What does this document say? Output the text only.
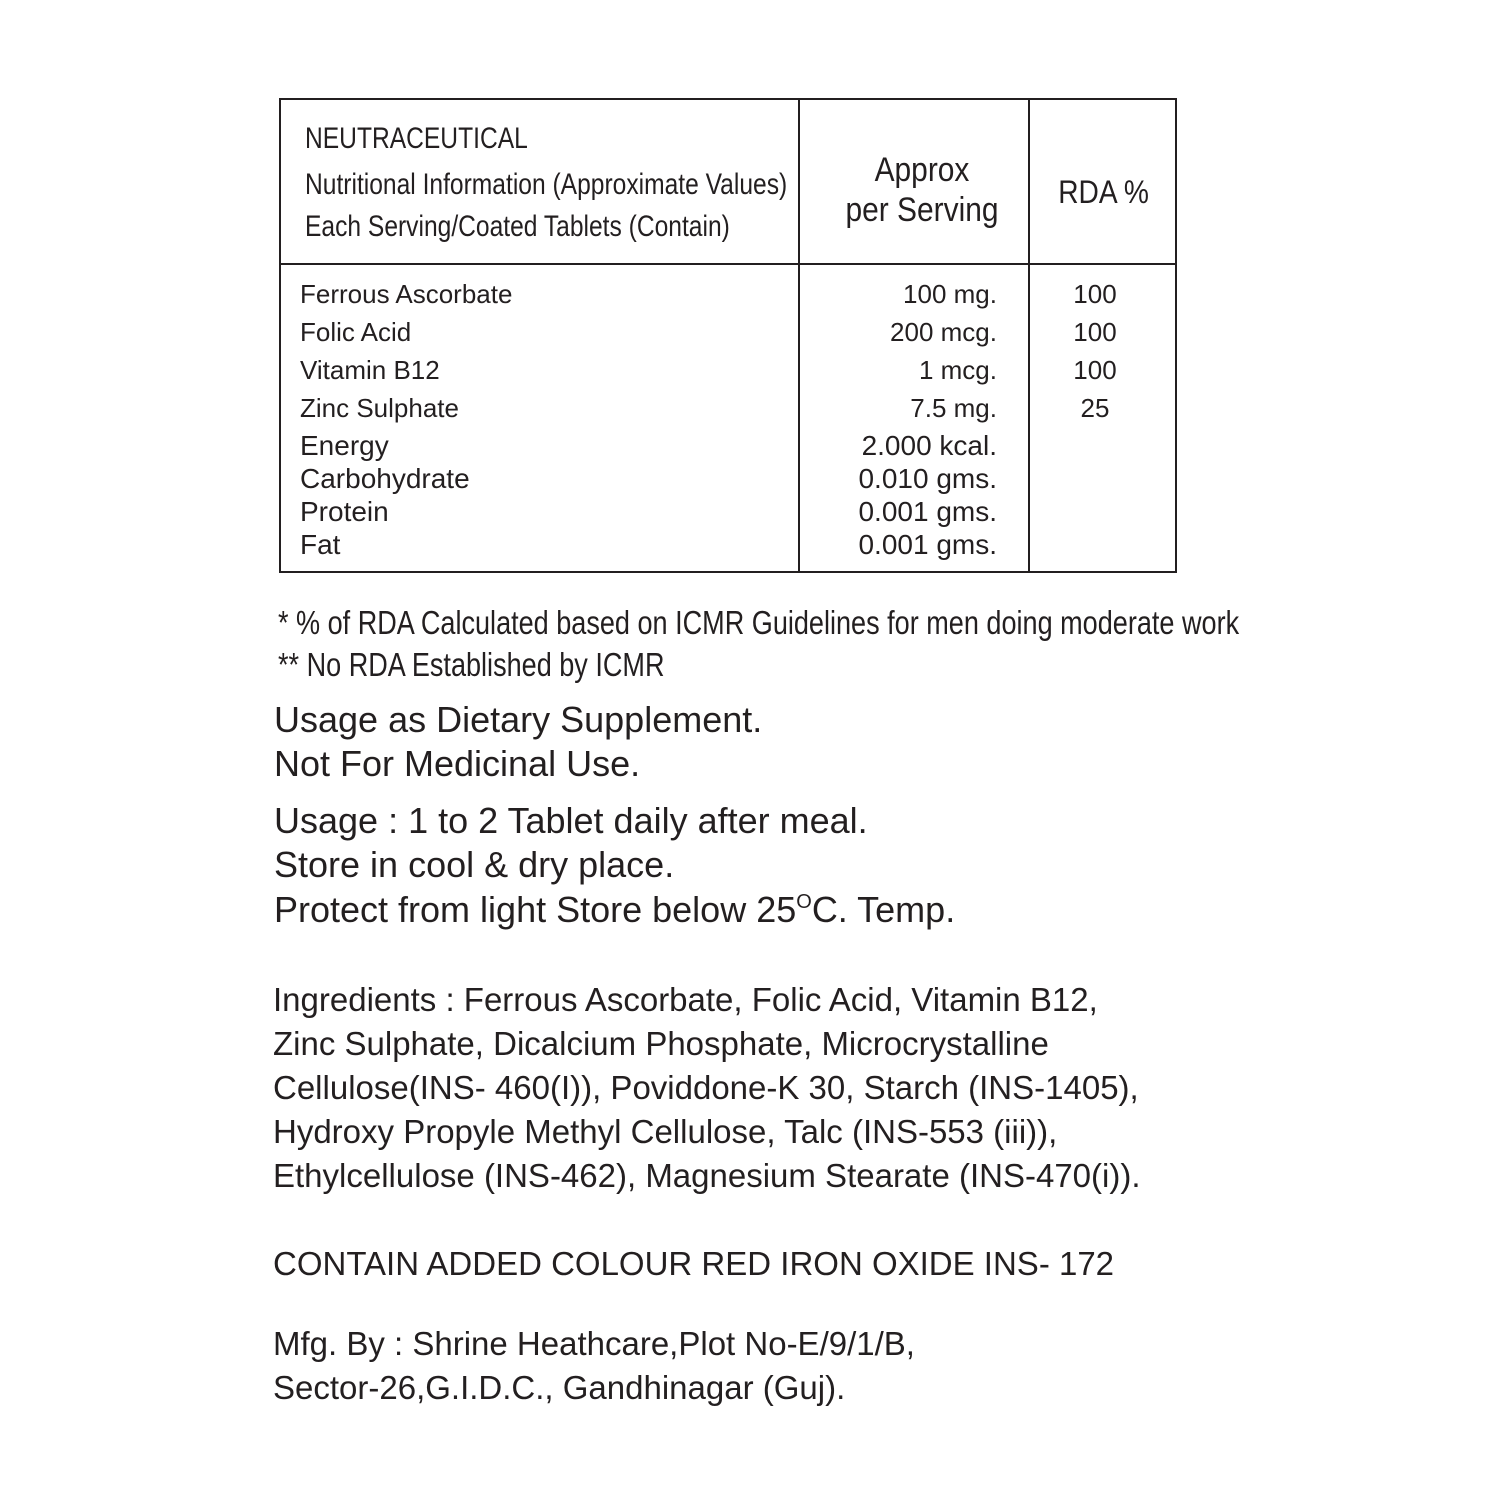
NEUTRACEUTICAL
Nutritional Information (Approximate Values)
Each Serving/Coated Tablets (Contain)
Approx
per Serving	RDA %
Ferrous Ascorbate	100 mg.	100
Folic Acid	200 mcg.	100
Vitamin B12	1 mcg.	100
Zinc Sulphate	7.5 mg.	25
Energy	2.000 kcal.
Carbohydrate	0.010 gms.
Protein	0.001 gms.
Fat	0.001 gms.
* % of RDA Calculated based on ICMR Guidelines for men doing moderate work
** No RDA Established by ICMR
Usage as Dietary Supplement.
Not For Medicinal Use.
Usage : 1 to 2 Tablet daily after meal.
Store in cool & dry place.
Protect from light Store below $25^OC$. Temp.
Ingredients : Ferrous Ascorbate, Folic Acid, Vitamin B12,
Zinc Sulphate, Dicalcium Phosphate, Microcrystalline
Cellulose(INS- 460(I)), Poviddone-K 30, Starch (INS-1405),
Hydroxy Propyle Methyl Cellulose, Talc (INS-553 (iii)),
Ethylcellulose (INS-462), Magnesium Stearate (INS-470(i)).
CONTAIN ADDED COLOUR RED IRON OXIDE INS- 172
Mfg. By : Shrine Heathcare,Plot No-E/9/1/B,
Sector-26,G.I.D.C., Gandhinagar (Guj).
